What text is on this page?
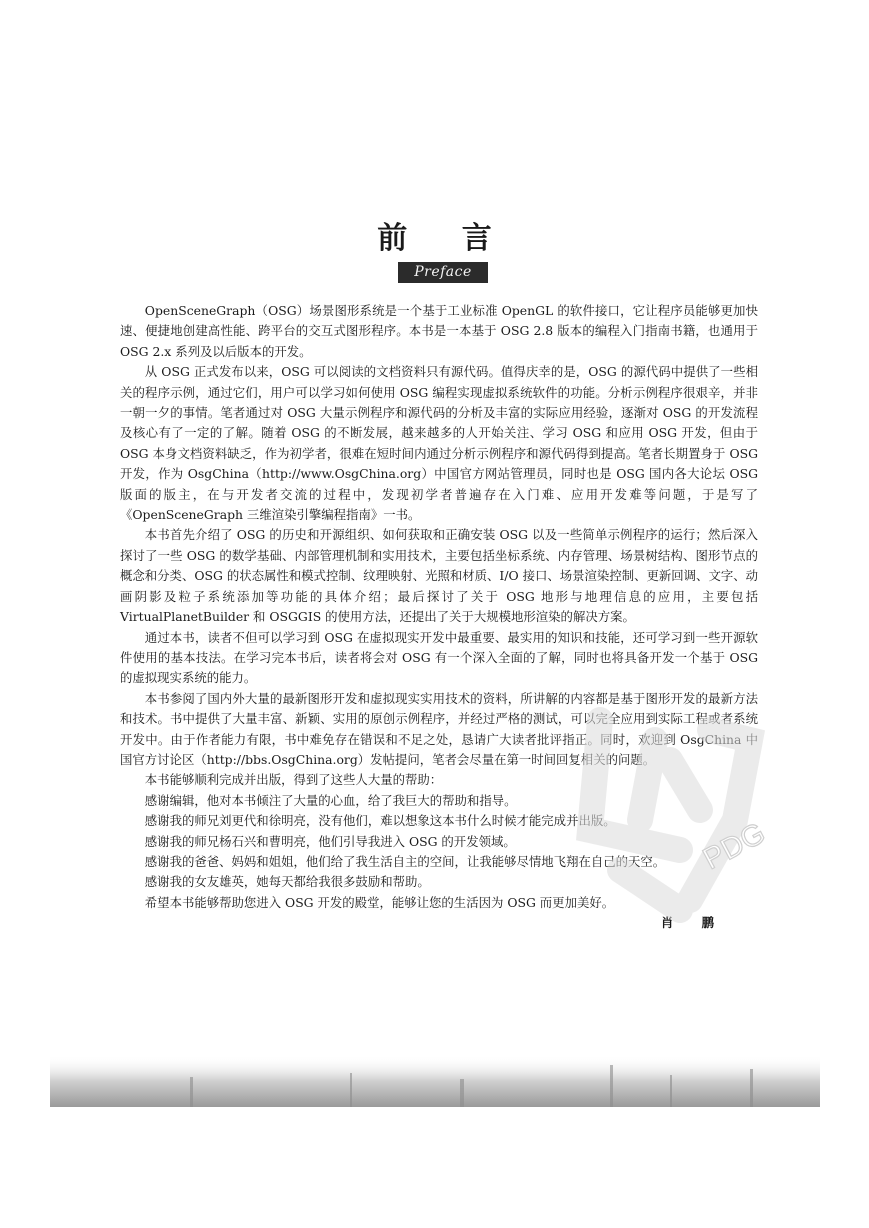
前 言
Preface

OpenSceneGraph（OSG）场景图形系统是一个基于工业标准 OpenGL 的软件接口，它让程序员能够更加快速、便捷地创建高性能、跨平台的交互式图形程序。本书是一本基于 OSG 2.8 版本的编程入门指南书籍，也通用于 OSG 2.x 系列及以后版本的开发。

从 OSG 正式发布以来，OSG 可以阅读的文档资料只有源代码。值得庆幸的是，OSG 的源代码中提供了一些相关的程序示例，通过它们，用户可以学习如何使用 OSG 编程实现虚拟系统软件的功能。分析示例程序很艰辛，并非一朝一夕的事情。笔者通过对 OSG 大量示例程序和源代码的分析及丰富的实际应用经验，逐渐对 OSG 的开发流程及核心有了一定的了解。随着 OSG 的不断发展，越来越多的人开始关注、学习 OSG 和应用 OSG 开发，但由于 OSG 本身文档资料缺乏，作为初学者，很难在短时间内通过分析示例程序和源代码得到提高。笔者长期置身于 OSG 开发，作为 OsgChina（http://www.OsgChina.org）中国官方网站管理员，同时也是 OSG 国内各大论坛 OSG 版面的版主，在与开发者交流的过程中，发现初学者普遍存在入门难、应用开发难等问题，于是写了《OpenSceneGraph 三维渲染引擎编程指南》一书。

本书首先介绍了 OSG 的历史和开源组织、如何获取和正确安装 OSG 以及一些简单示例程序的运行；然后深入探讨了一些 OSG 的数学基础、内部管理机制和实用技术，主要包括坐标系统、内存管理、场景树结构、图形节点的概念和分类、OSG 的状态属性和模式控制、纹理映射、光照和材质、I/O 接口、场景渲染控制、更新回调、文字、动画阴影及粒子系统添加等功能的具体介绍；最后探讨了关于 OSG 地形与地理信息的应用，主要包括 VirtualPlanetBuilder 和 OSGGIS 的使用方法，还提出了关于大规模地形渲染的解决方案。

通过本书，读者不但可以学习到 OSG 在虚拟现实开发中最重要、最实用的知识和技能，还可学习到一些开源软件使用的基本技法。在学习完本书后，读者将会对 OSG 有一个深入全面的了解，同时也将具备开发一个基于 OSG 的虚拟现实系统的能力。

本书参阅了国内外大量的最新图形开发和虚拟现实实用技术的资料，所讲解的内容都是基于图形开发的最新方法和技术。书中提供了大量丰富、新颖、实用的原创示例程序，并经过严格的测试，可以完全应用到实际工程或者系统开发中。由于作者能力有限，书中难免存在错误和不足之处，恳请广大读者批评指正。同时，欢迎到 OsgChina 中国官方讨论区（http://bbs.OsgChina.org）发帖提问，笔者会尽量在第一时间回复相关的问题。

本书能够顺利完成并出版，得到了这些人大量的帮助：

感谢编辑，他对本书倾注了大量的心血，给了我巨大的帮助和指导。

感谢我的师兄刘更代和徐明亮，没有他们，难以想象这本书什么时候才能完成并出版。

感谢我的师兄杨石兴和曹明亮，他们引导我进入 OSG 的开发领域。

感谢我的爸爸、妈妈和姐姐，他们给了我生活自主的空间，让我能够尽情地飞翔在自己的天空。

感谢我的女友雄英，她每天都给我很多鼓励和帮助。

希望本书能够帮助您进入 OSG 开发的殿堂，能够让您的生活因为 OSG 而更加美好。

肖 鹏
PDG
